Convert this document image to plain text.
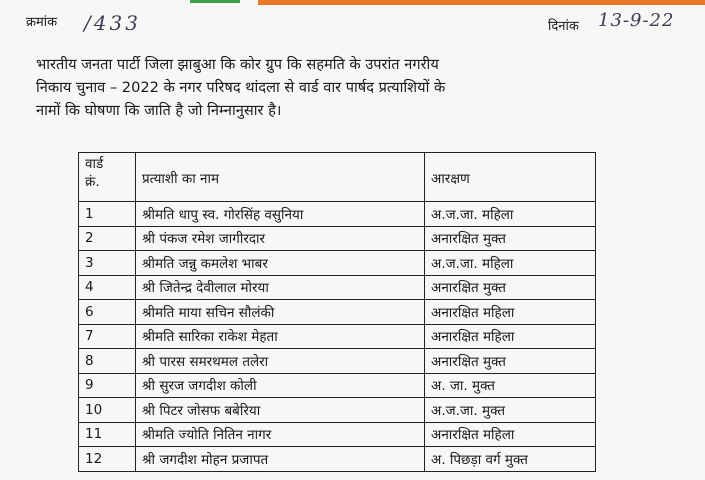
क्रमांक /433	दिनांक 13-9-22
भारतीय जनता पार्टी जिला झाबुआ कि कोर ग्रुप कि सहमति के उपरांत नगरीय
निकाय चुनाव – 2022 के नगर परिषद थांदला से वार्ड वार पार्षद प्रत्याशियों के
नामों कि घोषणा कि जाति है जो निम्नानुसार है।
वार्ड
क्रं.	प्रत्याशी का नाम	आरक्षण
1	श्रीमति धापु स्व. गोरसिंह वसुनिया	अ.ज.जा. महिला
2	श्री पंकज रमेश जागीरदार	अनारक्षित मुक्त
3	श्रीमति जन्नु कमलेश भाबर	अ.ज.जा. महिला
4	श्री जितेन्द्र देवीलाल मोरया	अनारक्षित मुक्त
6	श्रीमति माया सचिन सौलंकी	अनारक्षित महिला
7	श्रीमति सारिका राकेश मेहता	अनारक्षित महिला
8	श्री पारस समरथमल तलेरा	अनारक्षित मुक्त
9	श्री सुरज जगदीश कोली	अ. जा. मुक्त
10	श्री पिटर जोसफ बबेरिया	अ.ज.जा. मुक्त
11	श्रीमति ज्योति नितिन नागर	अनारक्षित महिला
12	श्री जगदीश मोहन प्रजापत	अ. पिछड़ा वर्ग मुक्त
